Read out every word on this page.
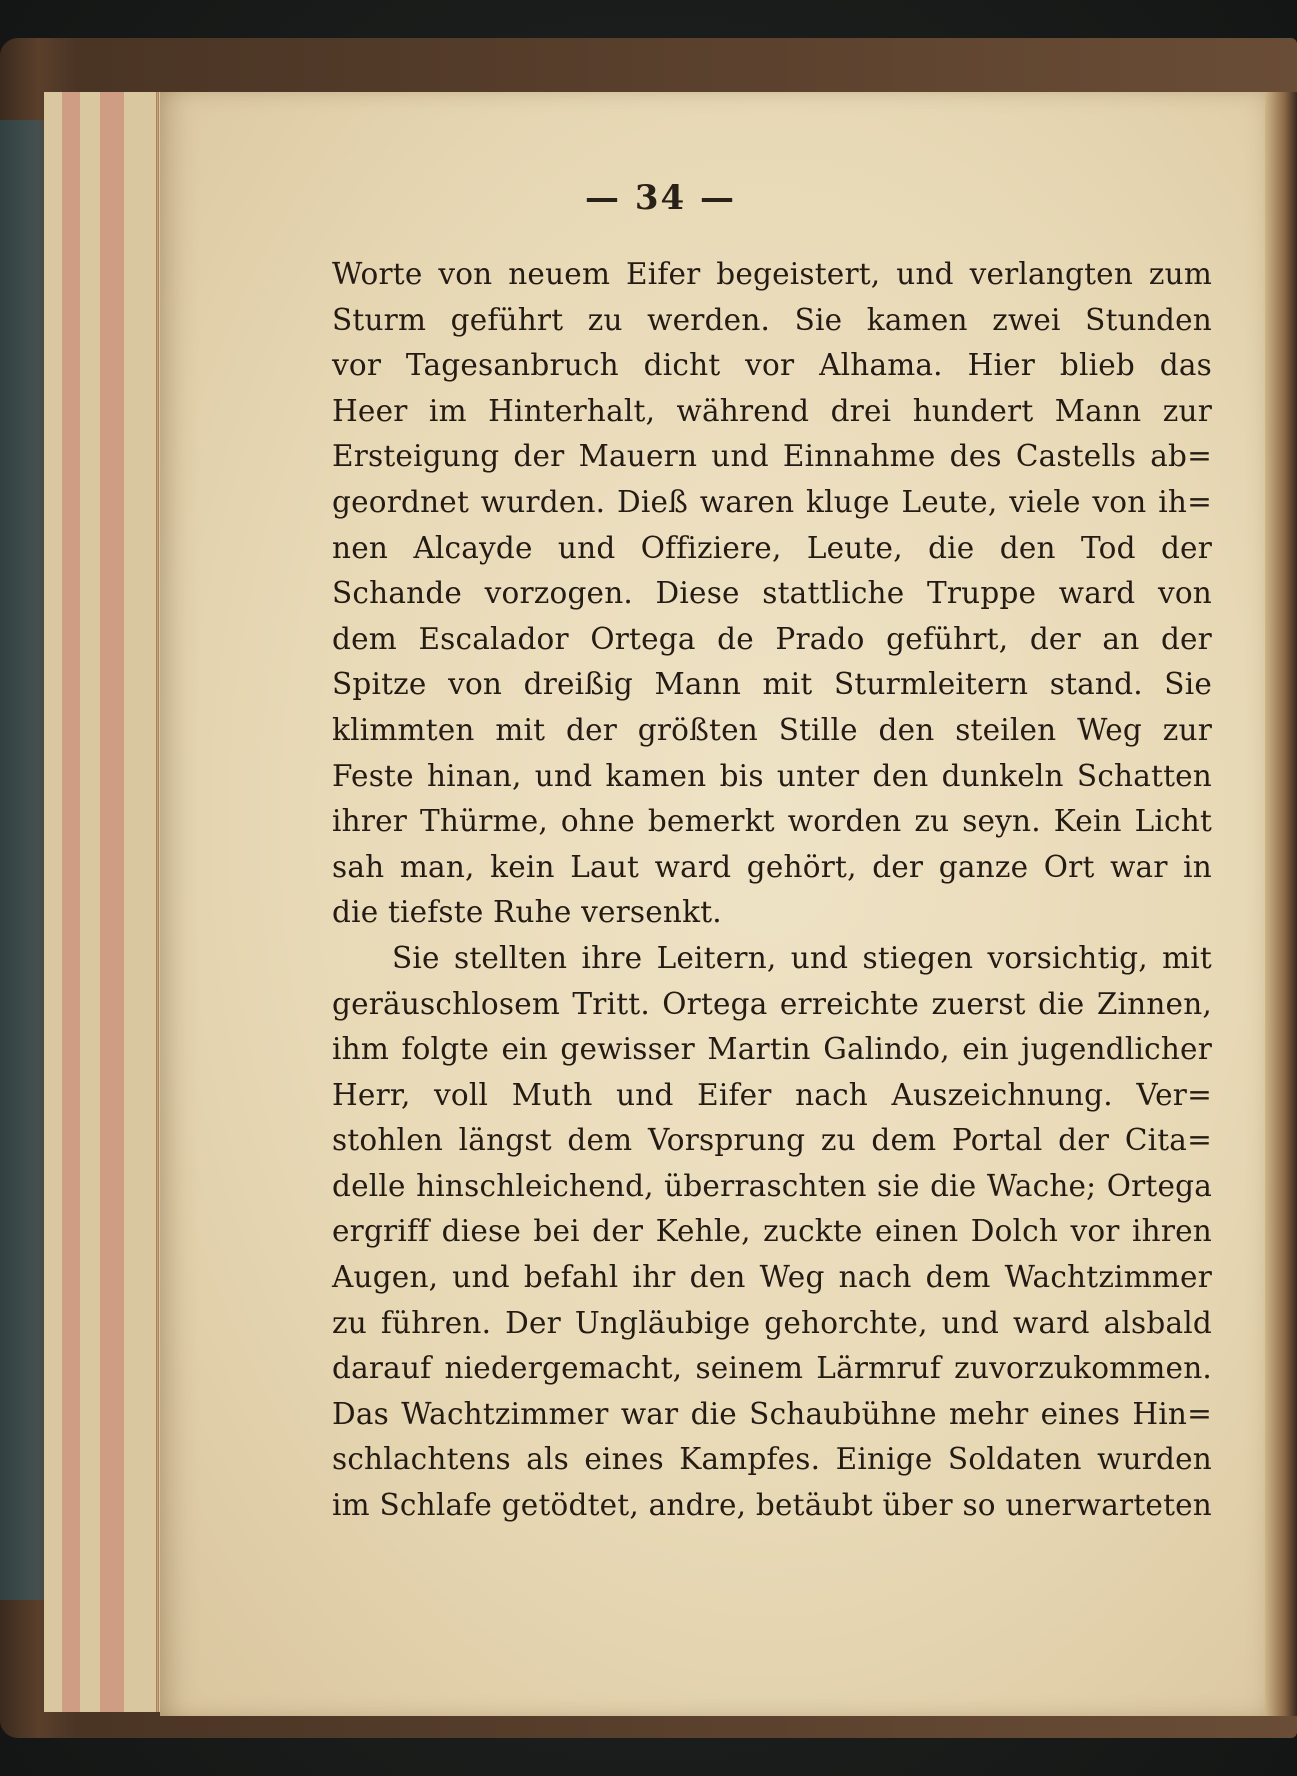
— 34 —
Worte von neuem Eifer begeistert, und verlangten zum
Sturm geführt zu werden. Sie kamen zwei Stunden
vor Tagesanbruch dicht vor Alhama. Hier blieb das
Heer im Hinterhalt, während drei hundert Mann zur
Ersteigung der Mauern und Einnahme des Castells ab=
geordnet wurden. Dieß waren kluge Leute, viele von ih=
nen Alcayde und Offiziere, Leute, die den Tod der
Schande vorzogen. Diese stattliche Truppe ward von
dem Escalador Ortega de Prado geführt, der an der
Spitze von dreißig Mann mit Sturmleitern stand. Sie
klimmten mit der größten Stille den steilen Weg zur
Feste hinan, und kamen bis unter den dunkeln Schatten
ihrer Thürme, ohne bemerkt worden zu seyn. Kein Licht
sah man, kein Laut ward gehört, der ganze Ort war in
die tiefste Ruhe versenkt.
Sie stellten ihre Leitern, und stiegen vorsichtig, mit
geräuschlosem Tritt. Ortega erreichte zuerst die Zinnen,
ihm folgte ein gewisser Martin Galindo, ein jugendlicher
Herr, voll Muth und Eifer nach Auszeichnung. Ver=
stohlen längst dem Vorsprung zu dem Portal der Cita=
delle hinschleichend, überraschten sie die Wache; Ortega
ergriff diese bei der Kehle, zuckte einen Dolch vor ihren
Augen, und befahl ihr den Weg nach dem Wachtzimmer
zu führen. Der Ungläubige gehorchte, und ward alsbald
darauf niedergemacht, seinem Lärmruf zuvorzukommen.
Das Wachtzimmer war die Schaubühne mehr eines Hin=
schlachtens als eines Kampfes. Einige Soldaten wurden
im Schlafe getödtet, andre, betäubt über so unerwarteten
